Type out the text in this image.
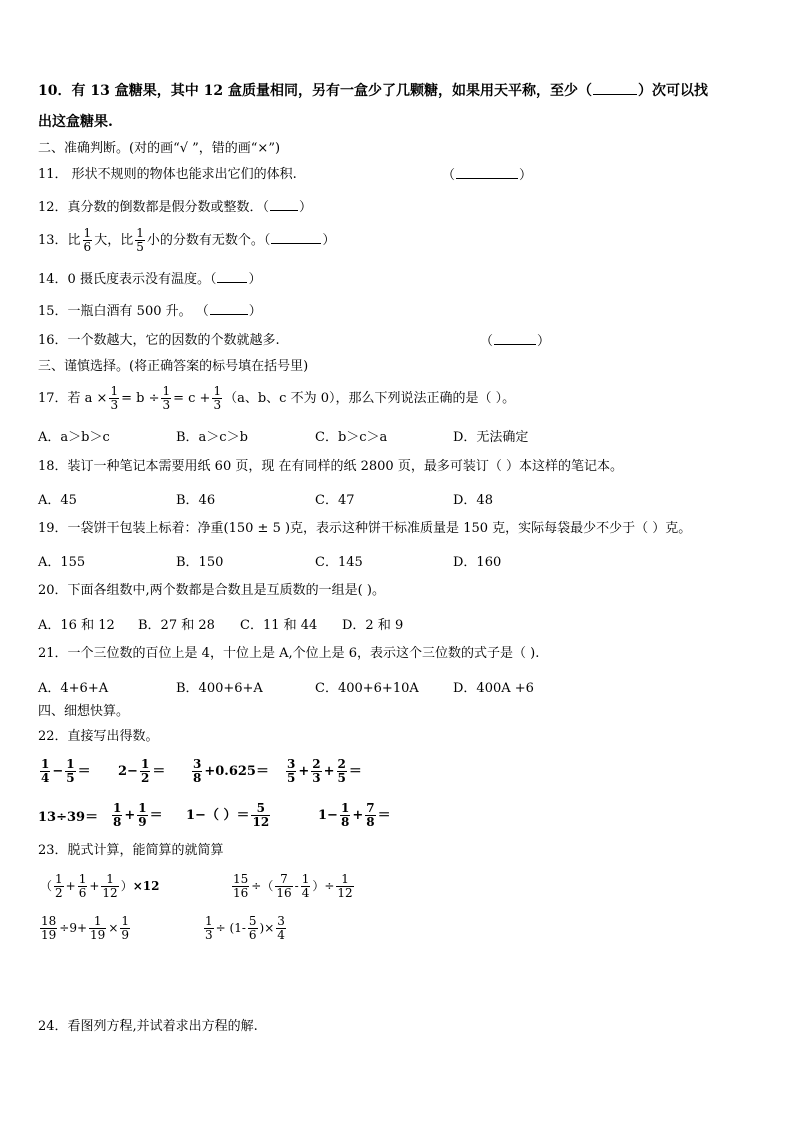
10．有 13 盒糖果，其中 12 盒质量相同，另有一盒少了几颗糖，如果用天平称，至少（	）次可以找
出这盒糖果.
二、准确判断。(对的画“√ ”，错的画“×”)
11． 形状不规则的物体也能求出它们的体积.	（	）
12．真分数的倒数都是假分数或整数．（ ）
13．比 $\frac{1}{6}$ 大，比 $\frac{1}{5}$ 小的分数有无数个。（	）
14．0 摄氏度表示没有温度。（ ）
15．一瓶白酒有 500 升。 （	）
16．一个数越大，它的因数的个数就越多.	（	）
三、谨慎选择。(将正确答案的标号填在括号里)
17．若 $a \times \frac{1}{3} = b \div \frac{1}{3} = c + \frac{1}{3} (a$、b、c 不为 0），那么下列说法正确的是（ ）。
A．a＞b＞c	B．a＞c＞b	C．b＞c＞a	D．无法确定
18．装订一种笔记本需要用纸 60 页，现 在有同样的纸 2800 页，最多可装订（ ）本这样的笔记本。
A．45	B．46	C．47	D．48
19．一袋饼干包装上标着：净重(150 ± 5 )克，表示这种饼干标准质量是 150 克，实际每袋最少不少于（ ）克。
A．155	B．150	C．145	D．160
20．下面各组数中,两个数都是合数且是互质数的一组是( )。
A．16 和 12 B．27 和 28 C．11 和 44 D．2 和 9
21．一个三位数的百位上是 4，十位上是 A,个位上是 6，表示这个三位数的式子是（ ).
A．4+6+A	B．400+6+A	C．400+6+10A	D．400A +6
四、细想快算。
22．直接写出得数。
$\frac{1}{4} - \frac{1}{5} = 2- \frac{1}{2} = \frac{3}{8} +0.625= \frac{3}{5} + \frac{2}{3} + \frac{2}{5}$ ＝
$13\div 39= \frac{1}{8} + \frac{1}{9} = 1-$（ ）＝ $\frac{5}{12}$	$1- \frac{1}{8} + \frac{7}{8}$ ＝
23．脱式计算，能简算的就简算
（ $\frac{1}{2} + \frac{1}{6} + \frac{1}{12} )\times 12$	$\frac{15}{16}$ ÷（ $\frac{7}{16} - \frac{1}{4}$ ）÷ $\frac{1}{12}$
$\frac{18}{19} \div 9+ \frac{1}{19} \times \frac{1}{9}$	$\frac{1}{3} \div (1- \frac{5}{6}$ )× $\frac{3}{4}$
24．看图列方程,并试着求出方程的解.
